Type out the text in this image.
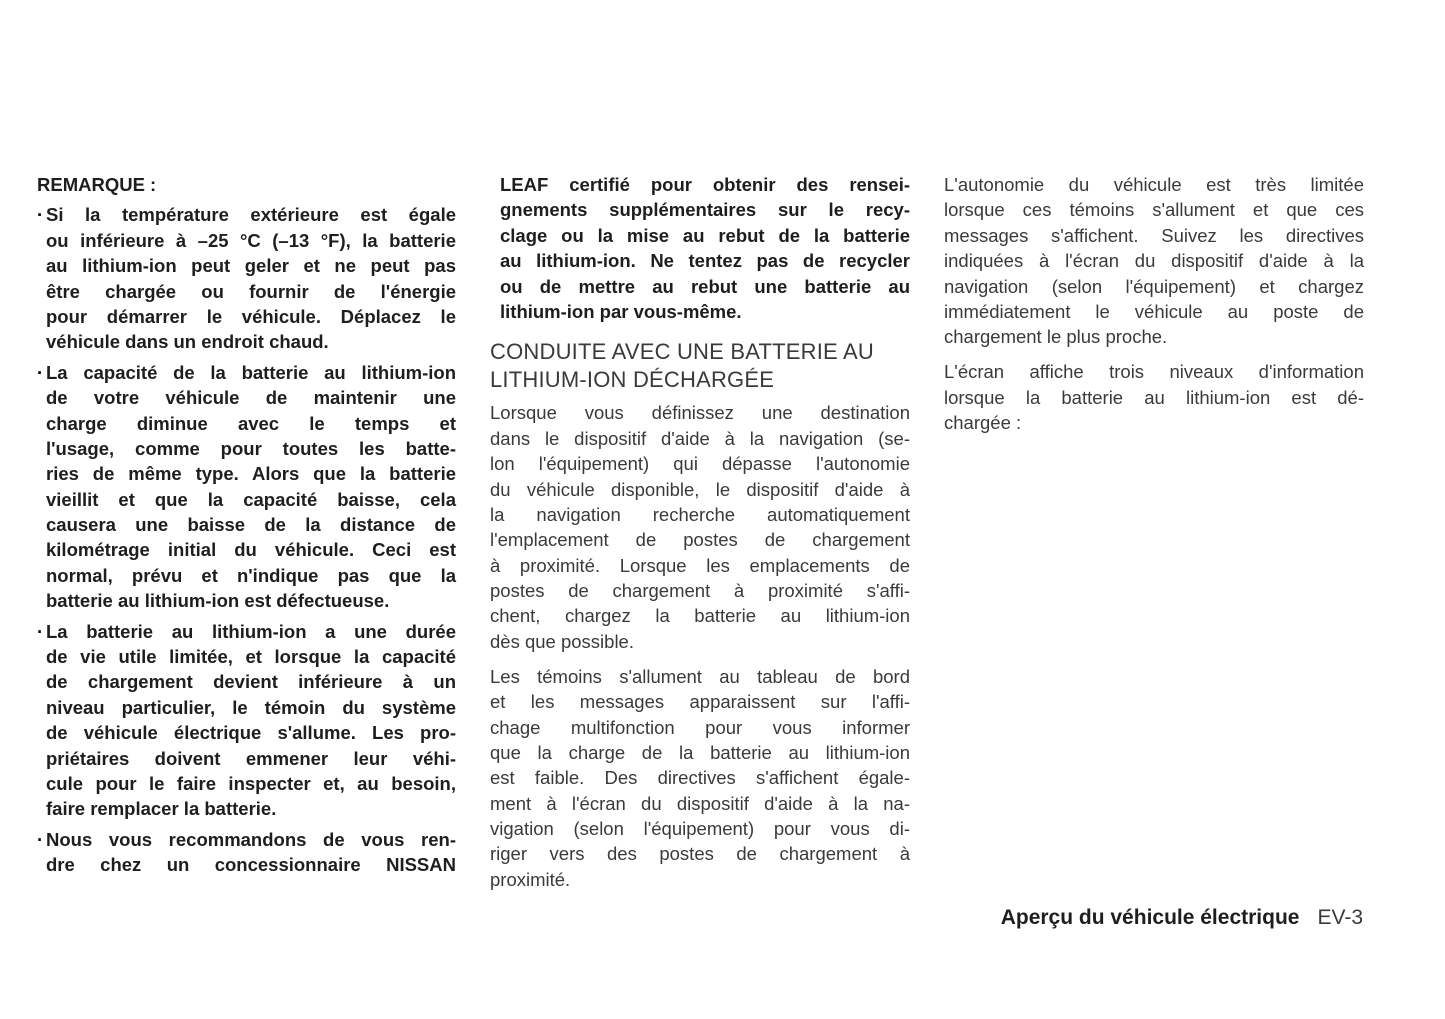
REMARQUE :
· Si la température extérieure est égale
ou inférieure à –25 °C (–13 °F), la batterie
au lithium-ion peut geler et ne peut pas
être chargée ou fournir de l'énergie
pour démarrer le véhicule. Déplacez le
véhicule dans un endroit chaud.
· La capacité de la batterie au lithium-ion
de votre véhicule de maintenir une
charge diminue avec le temps et
l'usage, comme pour toutes les batte-
ries de même type. Alors que la batterie
vieillit et que la capacité baisse, cela
causera une baisse de la distance de
kilométrage initial du véhicule. Ceci est
normal, prévu et n'indique pas que la
batterie au lithium-ion est défectueuse.
· La batterie au lithium-ion a une durée
de vie utile limitée, et lorsque la capacité
de chargement devient inférieure à un
niveau particulier, le témoin du système
de véhicule électrique s'allume. Les pro-
priétaires doivent emmener leur véhi-
cule pour le faire inspecter et, au besoin,
faire remplacer la batterie.
· Nous vous recommandons de vous ren-
dre chez un concessionnaire NISSAN
LEAF certifié pour obtenir des rensei-
gnements supplémentaires sur le recy-
clage ou la mise au rebut de la batterie
au lithium-ion. Ne tentez pas de recycler
ou de mettre au rebut une batterie au
lithium-ion par vous-même.
CONDUITE AVEC UNE BATTERIE AU
LITHIUM-ION DÉCHARGÉE
Lorsque vous définissez une destination
dans le dispositif d'aide à la navigation (se-
lon l'équipement) qui dépasse l'autonomie
du véhicule disponible, le dispositif d'aide à
la navigation recherche automatiquement
l'emplacement de postes de chargement
à proximité. Lorsque les emplacements de
postes de chargement à proximité s'affi-
chent, chargez la batterie au lithium-ion
dès que possible.
Les témoins s'allument au tableau de bord
et les messages apparaissent sur l'affi-
chage multifonction pour vous informer
que la charge de la batterie au lithium-ion
est faible. Des directives s'affichent égale-
ment à l'écran du dispositif d'aide à la na-
vigation (selon l'équipement) pour vous di-
riger vers des postes de chargement à
proximité.
L'autonomie du véhicule est très limitée
lorsque ces témoins s'allument et que ces
messages s'affichent. Suivez les directives
indiquées à l'écran du dispositif d'aide à la
navigation (selon l'équipement) et chargez
immédiatement le véhicule au poste de
chargement le plus proche.
L'écran affiche trois niveaux d'information
lorsque la batterie au lithium-ion est dé-
chargée :
Aperçu du véhicule électrique EV-3
